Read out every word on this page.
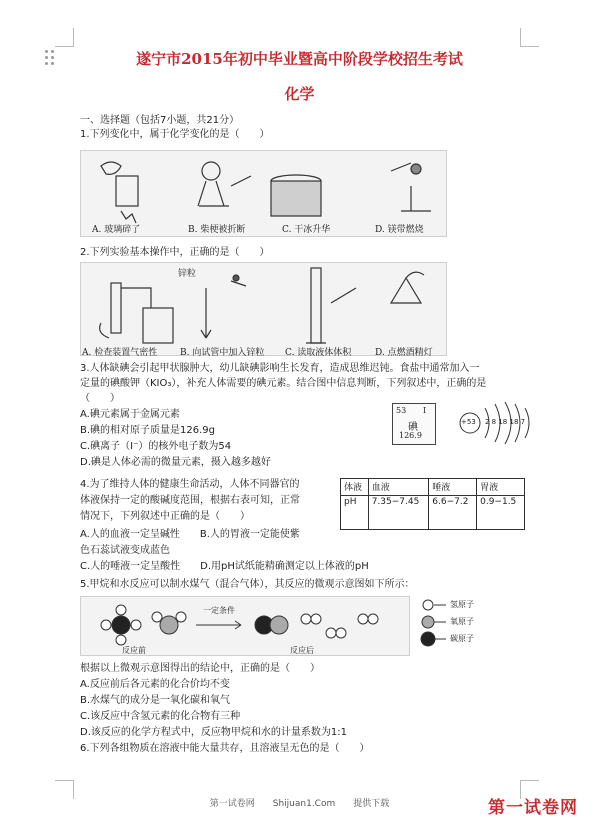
遂宁市2015年初中毕业暨高中阶段学校招生考试
化学
一、选择题（包括7小题，共21分）
1.下列变化中，属于化学变化的是（　　）
A. 玻璃碎了	B. 柴梗被折断	C. 干冰升华	D. 镁带燃烧
2.下列实验基本操作中，正确的是（　　）
锌粒
A. 检查装置气密性	B. 向试管中加入锌粒 C. 读取液体体积	D. 点燃酒精灯
3.人体缺碘会引起甲状腺肿大，幼儿缺碘影响生长发育，造成思维迟钝。食盐中通常加入一
定量的碘酸钾（KIO₃），补充人体需要的碘元素。结合图中信息判断，下列叙述中，正确的是
（　　）
A.碘元素属于金属元素
B.碘的相对原子质量是126.9g
C.碘离子（I⁻）的核外电子数为54
D.碘是人体必需的微量元素，摄入越多越好
53 I
碘
126.9
+53 2 8 18 18 7
4.为了维持人体的健康生命活动，人体不同器官的
体液保持一定的酸碱度范围，根据右表可知，正常
情况下，下列叙述中正确的是（　　）
A.人的血液一定呈碱性　　B.人的胃液一定能使紫
色石蕊试液变成蓝色
C.人的唾液一定呈酸性　　D.用pH试纸能精确测定以上体液的pH
体液	血液	唾液	胃液
pH	7.35−7.45	6.6−7.2	0.9−1.5
5.甲烷和水反应可以制水煤气（混合气体），其反应的微观示意图如下所示：
一定条件
反应前	反应后
氢原子
氧原子
碳原子
根据以上微观示意图得出的结论中，正确的是（　　）
A.反应前后各元素的化合价均不变
B.水煤气的成分是一氧化碳和氧气
C.该反应中含氢元素的化合物有三种
D.该反应的化学方程式中，反应物甲烷和水的计量系数为1:1
6.下列各组物质在溶液中能大量共存，且溶液呈无色的是（　　）
第一试卷网　　Shijuan1.Com　　提供下载	第一试卷网
